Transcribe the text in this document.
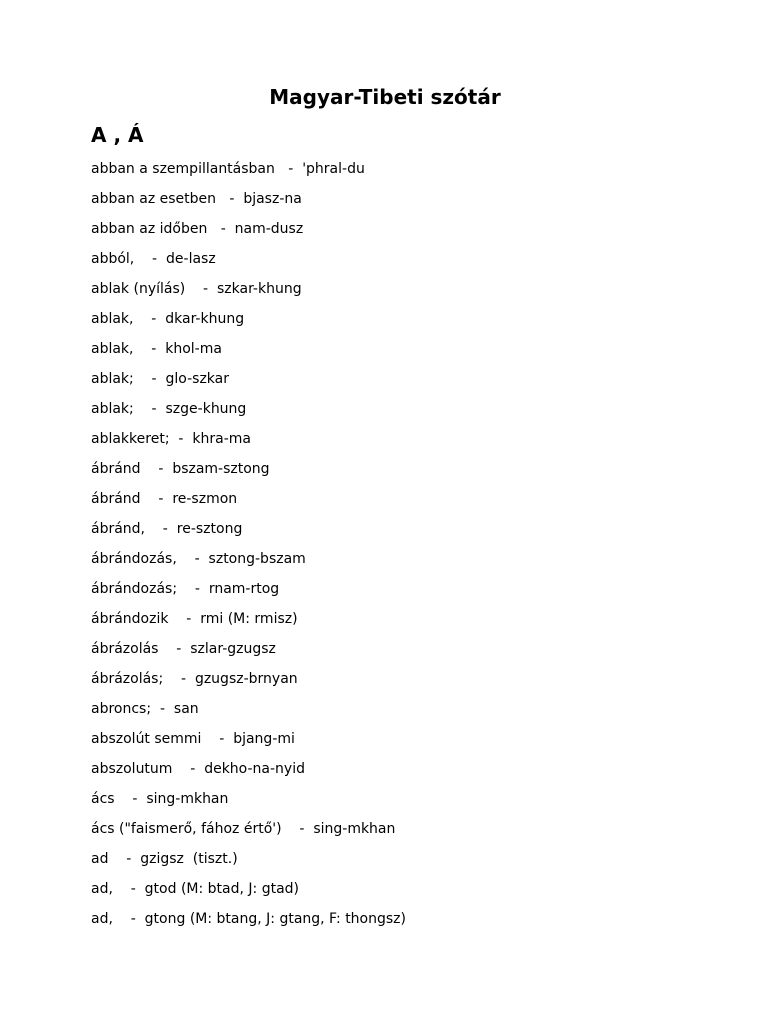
Magyar-Tibeti szótár
A , Á
abban a szempillantásban   -  'phral-du
abban az esetben   -  bjasz-na
abban az időben   -  nam-dusz
abból,    -  de-lasz
ablak (nyílás)    -  szkar-khung
ablak,    -  dkar-khung
ablak,    -  khol-ma
ablak;    -  glo-szkar
ablak;    -  szge-khung
ablakkeret;  -  khra-ma
ábránd    -  bszam-sztong
ábránd    -  re-szmon
ábránd,    -  re-sztong
ábrándozás,    -  sztong-bszam
ábrándozás;    -  rnam-rtog
ábrándozik    -  rmi (M: rmisz)
ábrázolás    -  szlar-gzugsz
ábrázolás;    -  gzugsz-brnyan
abroncs;  -  san
abszolút semmi    -  bjang-mi
abszolutum    -  dekho-na-nyid
ács    -  sing-mkhan
ács ("faismerő, fához értő')    -  sing-mkhan
ad    -  gzigsz  (tiszt.)
ad,    -  gtod (M: btad, J: gtad)
ad,    -  gtong (M: btang, J: gtang, F: thongsz)
